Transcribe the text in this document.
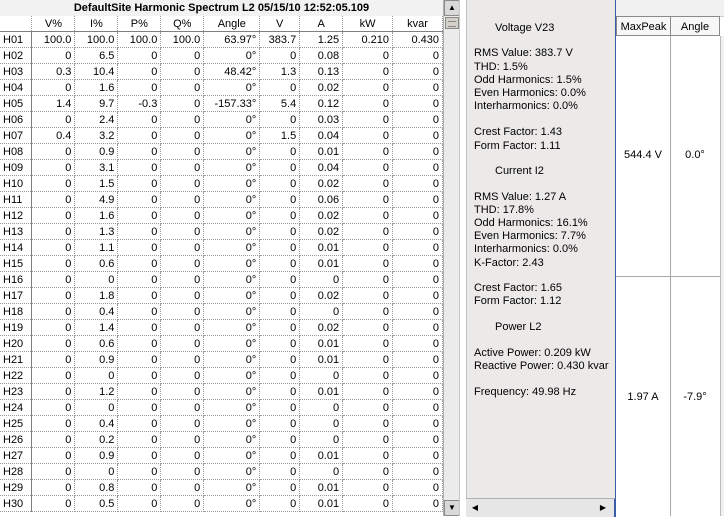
DefaultSite Harmonic Spectrum L2 05/15/10 12:52:05.109
	V%	I%	P%	Q%	Angle	V	A	kW	kvar
H01	100.0	100.0	100.0	100.0	63.97°	383.7	1.25	0.210	0.430
H02	0	6.5	0	0	0°	0	0.08	0	0
H03	0.3	10.4	0	0	48.42°	1.3	0.13	0	0
H04	0	1.6	0	0	0°	0	0.02	0	0
H05	1.4	9.7	-0.3	0	-157.33°	5.4	0.12	0	0
H06	0	2.4	0	0	0°	0	0.03	0	0
H07	0.4	3.2	0	0	0°	1.5	0.04	0	0
H08	0	0.9	0	0	0°	0	0.01	0	0
H09	0	3.1	0	0	0°	0	0.04	0	0
H10	0	1.5	0	0	0°	0	0.02	0	0
H11	0	4.9	0	0	0°	0	0.06	0	0
H12	0	1.6	0	0	0°	0	0.02	0	0
H13	0	1.3	0	0	0°	0	0.02	0	0
H14	0	1.1	0	0	0°	0	0.01	0	0
H15	0	0.6	0	0	0°	0	0.01	0	0
H16	0	0	0	0	0°	0	0	0	0
H17	0	1.8	0	0	0°	0	0.02	0	0
H18	0	0.4	0	0	0°	0	0	0	0
H19	0	1.4	0	0	0°	0	0.02	0	0
H20	0	0.6	0	0	0°	0	0.01	0	0
H21	0	0.9	0	0	0°	0	0.01	0	0
H22	0	0	0	0	0°	0	0	0	0
H23	0	1.2	0	0	0°	0	0.01	0	0
H24	0	0	0	0	0°	0	0	0	0
H25	0	0.4	0	0	0°	0	0	0	0
H26	0	0.2	0	0	0°	0	0	0	0
H27	0	0.9	0	0	0°	0	0.01	0	0
H28	0	0	0	0	0°	0	0	0	0
H29	0	0.8	0	0	0°	0	0.01	0	0
H30	0	0.5	0	0	0°	0	0.01	0	0
▲
▼
Voltage V23
RMS Value: 383.7 V
THD: 1.5%
Odd Harmonics: 1.5%
Even Harmonics: 0.0%
Interharmonics: 0.0%
Crest Factor: 1.43
Form Factor: 1.11
Current I2
RMS Value: 1.27 A
THD: 17.8%
Odd Harmonics: 16.1%
Even Harmonics: 7.7%
Interharmonics: 0.0%
K-Factor: 2.43
Crest Factor: 1.65
Form Factor: 1.12
Power L2
Active Power: 0.209 kW
Reactive Power: 0.430 kvar
Frequency: 49.98 Hz
◀	▶
MaxPeak	Angle
544.4 V	0.0°
1.97 A	-7.9°
